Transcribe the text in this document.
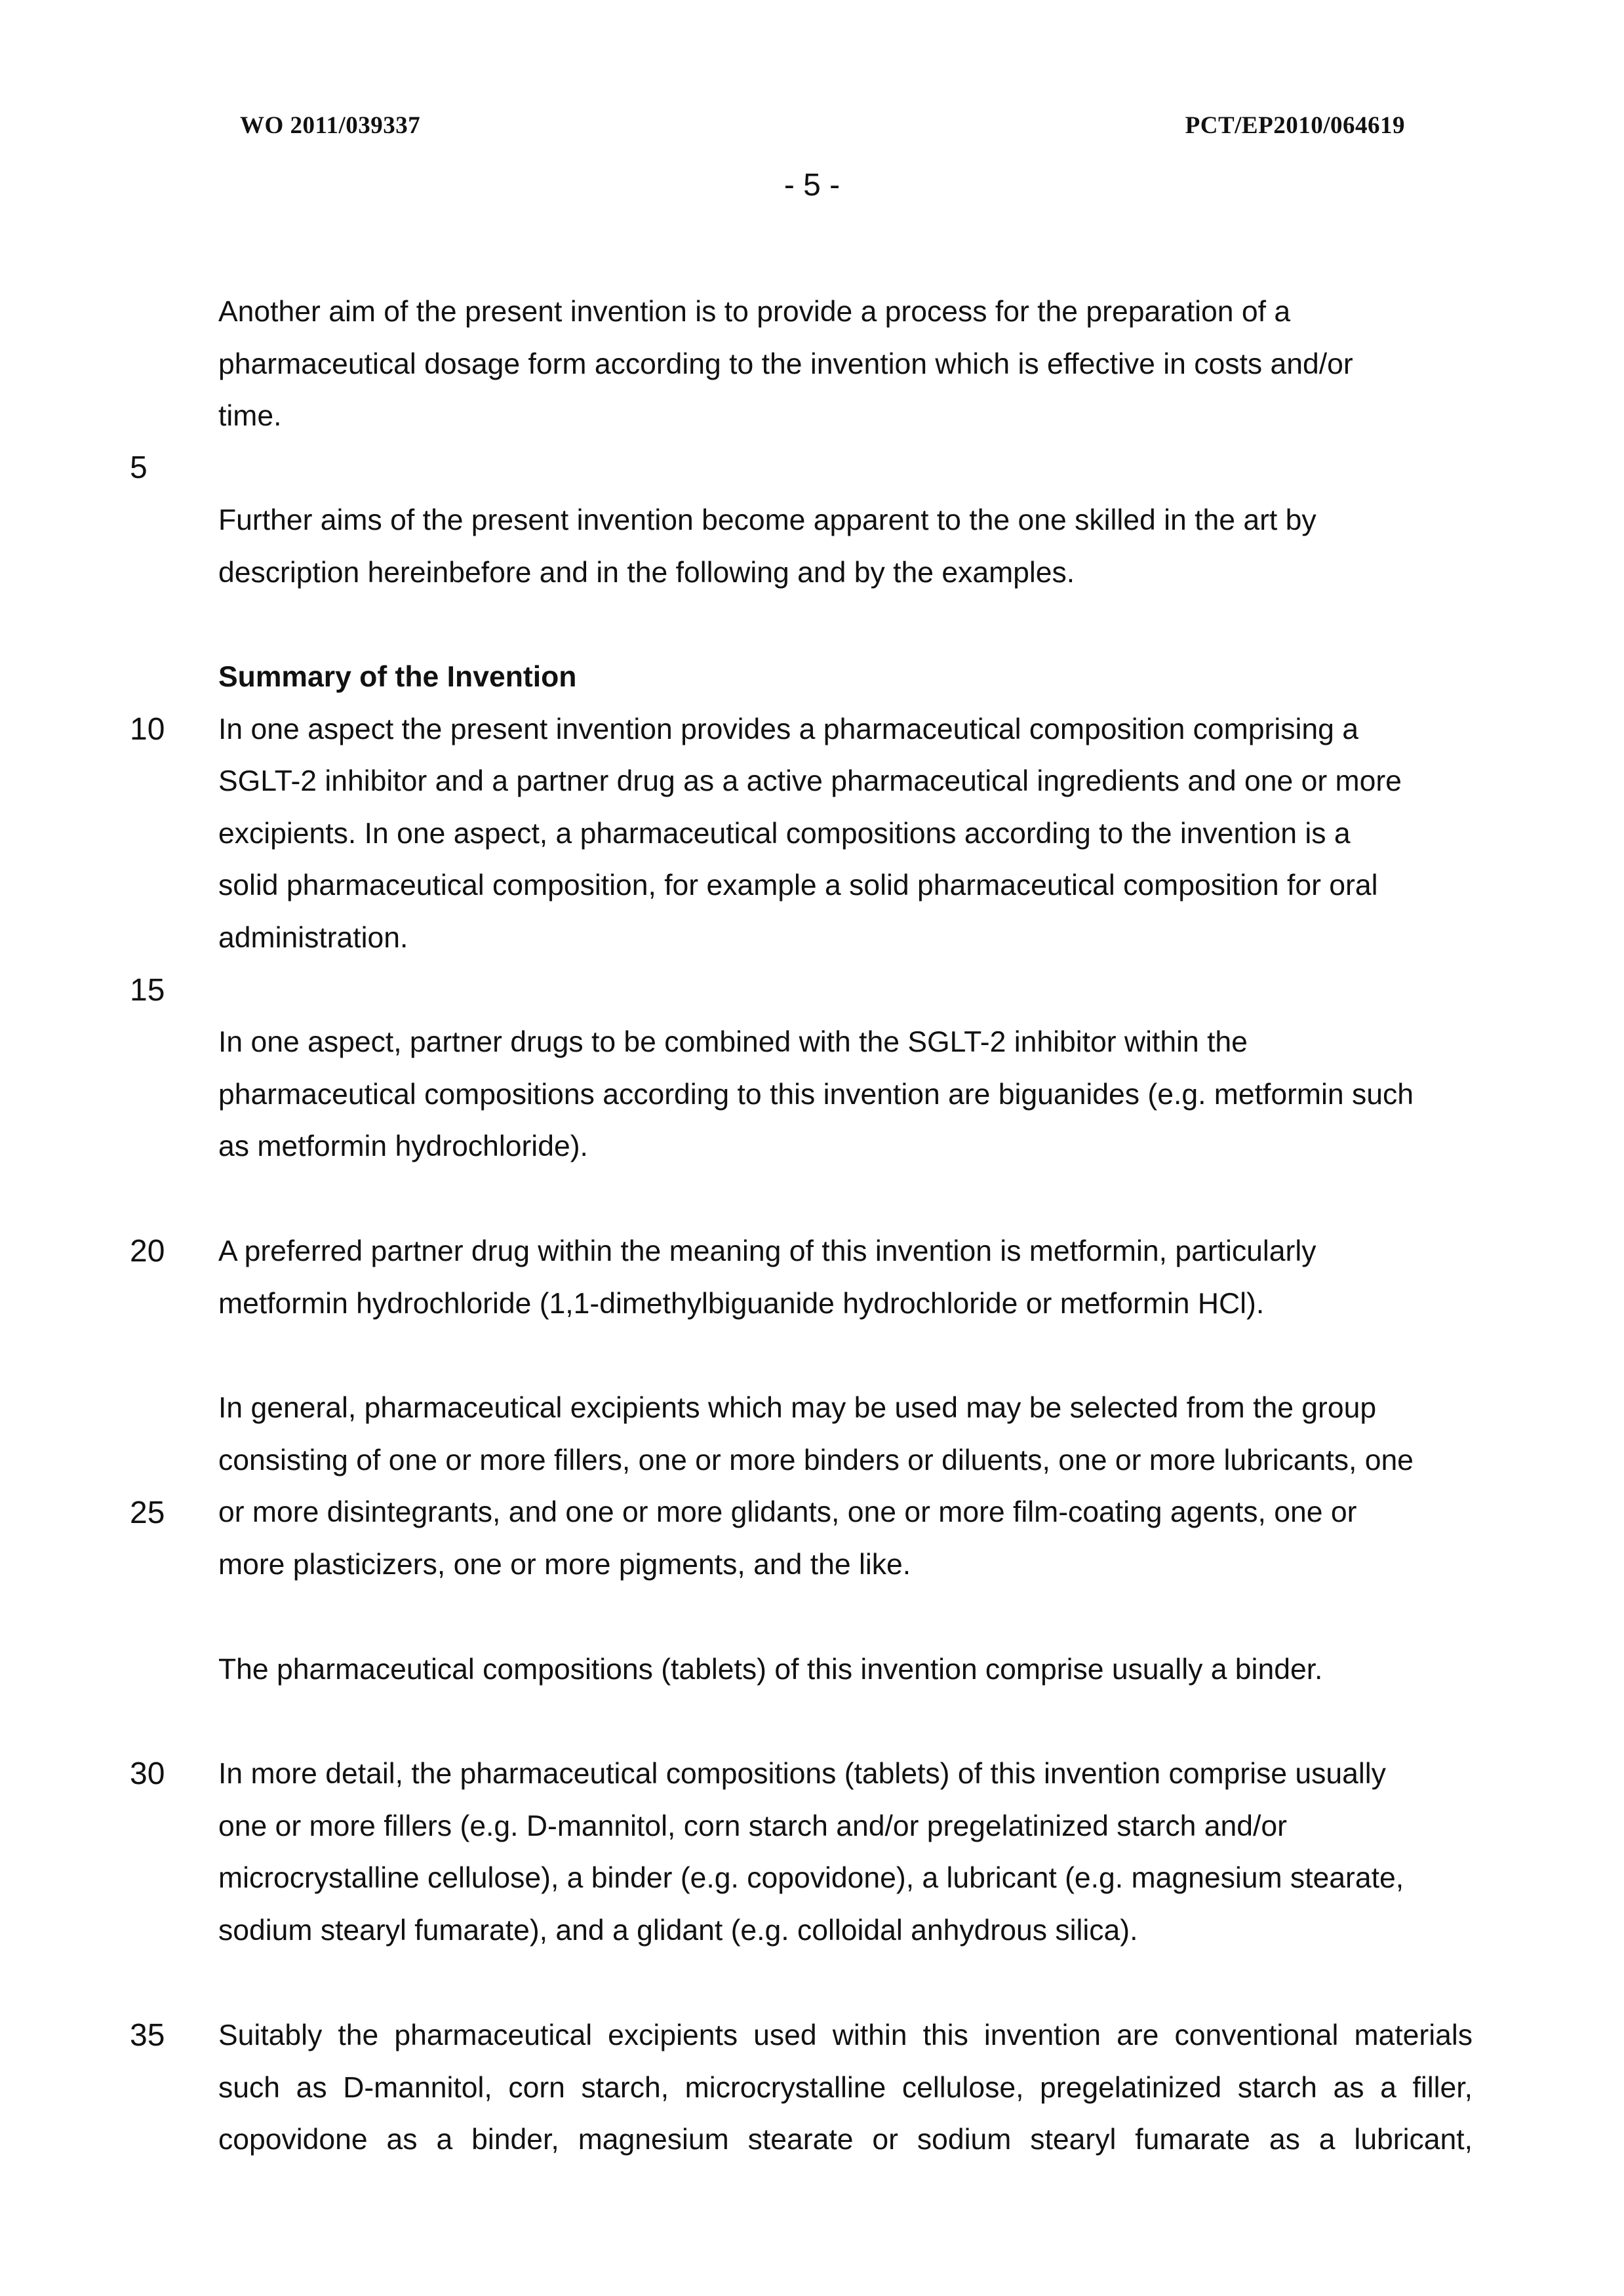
WO 2011/039337	PCT/EP2010/064619
- 5 -
5
10
15
20
25
30
35
Another aim of the present invention is to provide a process for the preparation of a
pharmaceutical dosage form according to the invention which is effective in costs and/or
time.
Further aims of the present invention become apparent to the one skilled in the art by
description hereinbefore and in the following and by the examples.
Summary of the Invention
In one aspect the present invention provides a pharmaceutical composition comprising a
SGLT-2 inhibitor and a partner drug as a active pharmaceutical ingredients and one or more
excipients. In one aspect, a pharmaceutical compositions according to the invention is a
solid pharmaceutical composition, for example a solid pharmaceutical composition for oral
administration.
In one aspect, partner drugs to be combined with the SGLT-2 inhibitor within the
pharmaceutical compositions according to this invention are biguanides (e.g. metformin such
as metformin hydrochloride).
A preferred partner drug within the meaning of this invention is metformin, particularly
metformin hydrochloride (1,1-dimethylbiguanide hydrochloride or metformin HCl).
In general, pharmaceutical excipients which may be used may be selected from the group
consisting of one or more fillers, one or more binders or diluents, one or more lubricants, one
or more disintegrants, and one or more glidants, one or more film-coating agents, one or
more plasticizers, one or more pigments, and the like.
The pharmaceutical compositions (tablets) of this invention comprise usually a binder.
In more detail, the pharmaceutical compositions (tablets) of this invention comprise usually
one or more fillers (e.g. D-mannitol, corn starch and/or pregelatinized starch and/or
microcrystalline cellulose), a binder (e.g. copovidone), a lubricant (e.g. magnesium stearate,
sodium stearyl fumarate), and a glidant (e.g. colloidal anhydrous silica).
Suitably the pharmaceutical excipients used within this invention are conventional materials
such as D-mannitol, corn starch, microcrystalline cellulose, pregelatinized starch as a filler,
copovidone as a binder, magnesium stearate or sodium stearyl fumarate as a lubricant,
